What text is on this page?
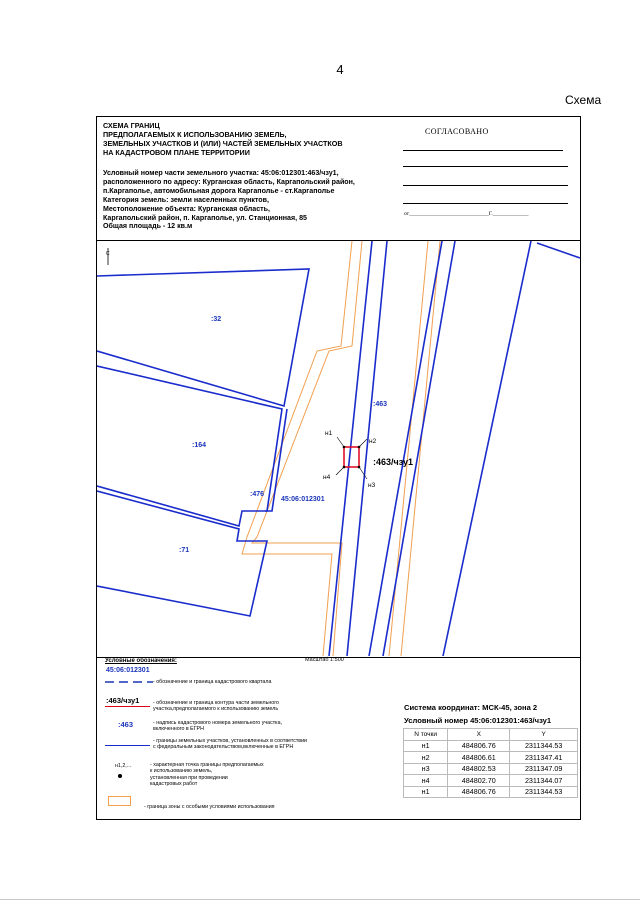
4
Схема
СХЕМА ГРАНИЦ
ПРЕДПОЛАГАЕМЫХ К ИСПОЛЬЗОВАНИЮ ЗЕМЕЛЬ,
ЗЕМЕЛЬНЫХ УЧАСТКОВ И (ИЛИ) ЧАСТЕЙ ЗЕМЕЛЬНЫХ УЧАСТКОВ
НА КАДАСТРОВОМ ПЛАНЕ ТЕРРИТОРИИ
Условный номер части земельного участка: 45:06:012301:463/чзу1,
расположенного по адресу: Курганская область, Каргапольский район,
п.Каргаполье, автомобильная дорога Каргаполье - ст.Каргаполье
Категория земель: земли населенных пунктов,
Местоположение объекта: Курганская область,
Каргапольский район, п. Каргаполье, ул. Станционная, 85
Общая площадь - 12 кв.м
СОГЛАСОВАНО
от_____________________________Г._____________
С
:32
:164
:476
:71
:463
45:06:012301
:463/чзу1
н1
н2
н3
н4
Масштаб 1:500
Условные обозначения:
45:06:012301
- обозначение и граница кадастрового квартала
:463/чзу1	- обозначение и граница контура части земельного
участка,предполагаемого к использованию земель
:463	- надпись кадастрового номера земельного участка,
включенного в ЕГРН
- границы земельных участков, установленных в соответствии
с федеральным законодательством,включенные в ЕГРН
н1,2,...	- характерная точка границы предполагаемых
к использованию земель,
установленная при проведении
кадастровых работ
- граница зоны с особыми условиями использования
Система координат: МСК-45, зона 2
Условный номер 45:06:012301:463/чзу1
N точки	X	Y
н1	484806.76	2311344.53
н2	484806.61	2311347.41
н3	484802.53	2311347.09
н4	484802.70	2311344.07
н1	484806.76	2311344.53
